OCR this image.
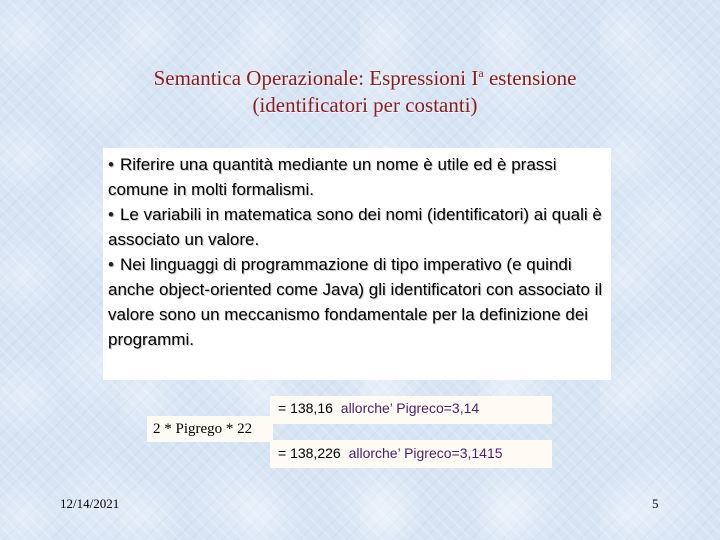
Semantica Operazionale: Espressioni $I^a$ estensione
(identificatori per costanti)

• Riferire una quantità mediante un nome è utile ed è prassi comune in molti formalismi.

• Le variabili in matematica sono dei nomi (identificatori) ai quali è associato un valore.

• Nei linguaggi di programmazione di tipo imperativo (e quindi anche object-oriented come Java) gli identificatori con associato il valore sono un meccanismo fondamentale per la definizione dei programmi.

= 138,16 allorche’ Pigreco=3,14
2 * Pigrego * 22
= 138,226 allorche’ Pigreco=3,1415
12/14/2021	5
